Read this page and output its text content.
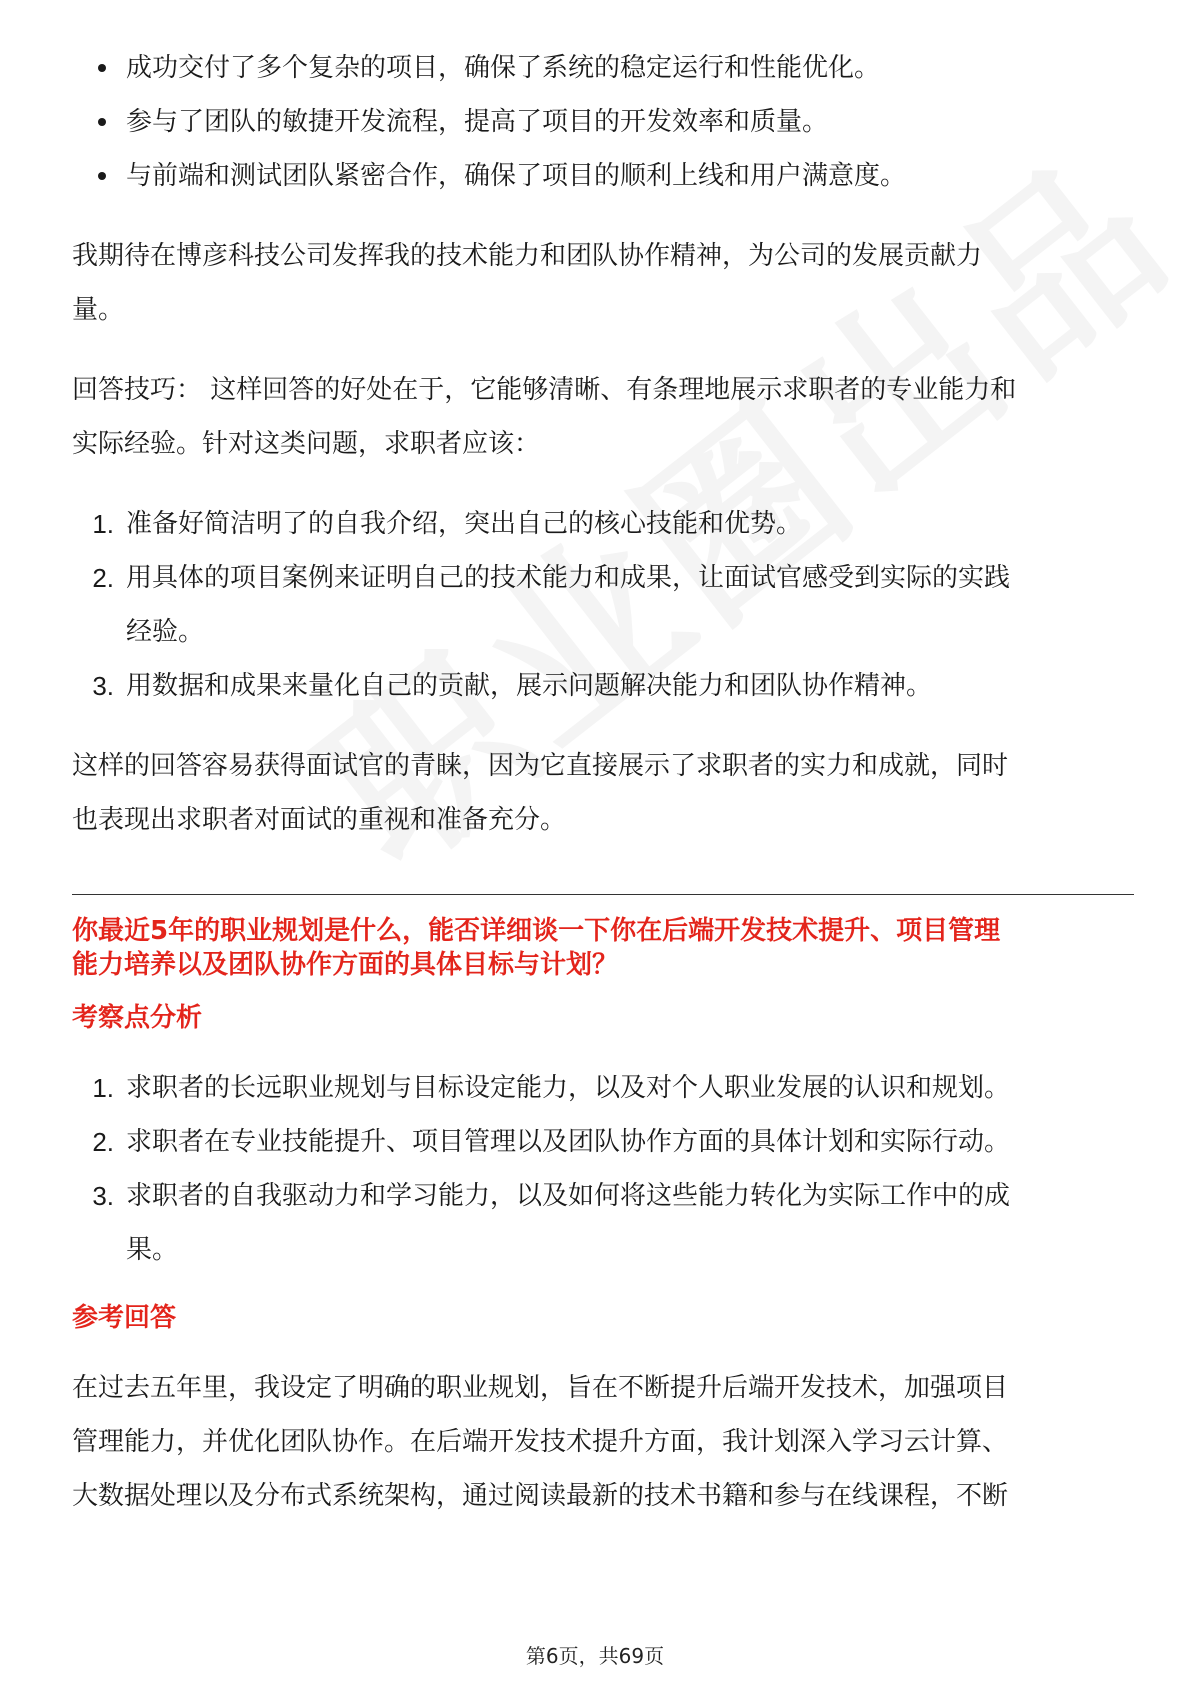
成功交付了多个复杂的项目，确保了系统的稳定运行和性能优化。
参与了团队的敏捷开发流程，提高了项目的开发效率和质量。
与前端和测试团队紧密合作，确保了项目的顺利上线和用户满意度。

我期待在博彦科技公司发挥我的技术能力和团队协作精神，为公司的发展贡献力

量。

回答技巧： 这样回答的好处在于，它能够清晰、有条理地展示求职者的专业能力和

实际经验。针对这类问题，求职者应该：

1. 准备好简洁明了的自我介绍，突出自己的核心技能和优势。
2. 用具体的项目案例来证明自己的技术能力和成果，让面试官感受到实际的实践
经验。
3. 用数据和成果来量化自己的贡献，展示问题解决能力和团队协作精神。

这样的回答容易获得面试官的青睐，因为它直接展示了求职者的实力和成就，同时

也表现出求职者对面试的重视和准备充分。

你最近5年的职业规划是什么，能否详细谈一下你在后端开发技术提升、项目管理

能力培养以及团队协作方面的具体目标与计划？

考察点分析

1. 求职者的长远职业规划与目标设定能力，以及对个人职业发展的认识和规划。
2. 求职者在专业技能提升、项目管理以及团队协作方面的具体计划和实际行动。
3. 求职者的自我驱动力和学习能力，以及如何将这些能力转化为实际工作中的成
果。

参考回答

在过去五年里，我设定了明确的职业规划，旨在不断提升后端开发技术，加强项目

管理能力，并优化团队协作。在后端开发技术提升方面，我计划深入学习云计算、

大数据处理以及分布式系统架构，通过阅读最新的技术书籍和参与在线课程，不断

第6页，共69页
